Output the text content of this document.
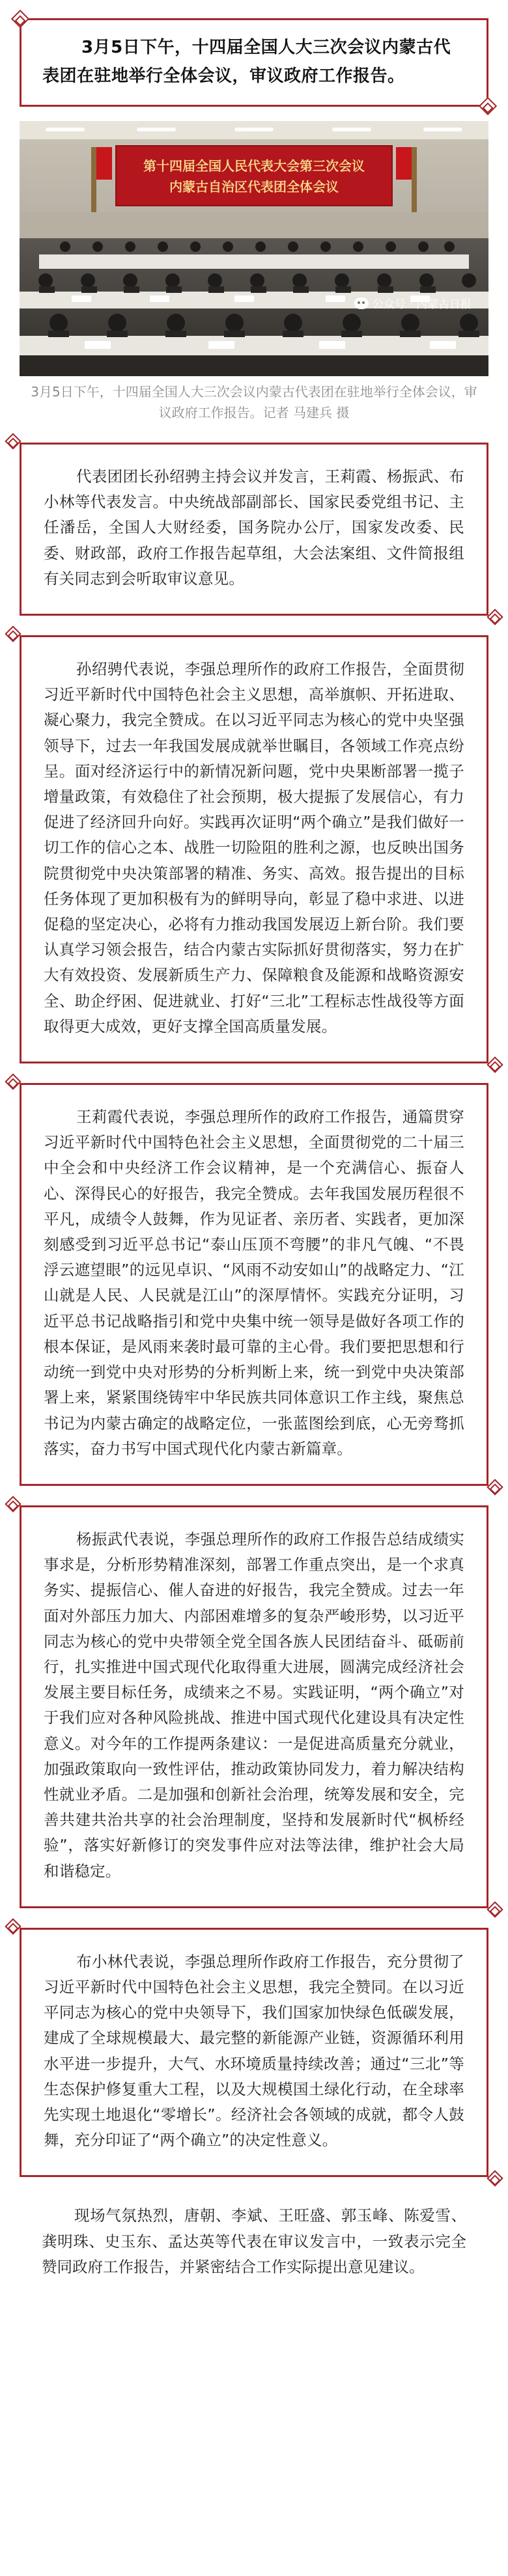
3月5日下午，十四届全国人大三次会议内蒙古代表团在驻地举行全体会议，审议政府工作报告。

第十四届全国人民代表大会第三次会议
内蒙古自治区代表团全体会议
公众号 · 内蒙古日报
3月5日下午，十四届全国人大三次会议内蒙古代表团在驻地举行全体会议，审议政府工作报告。记者 马建兵 摄

代表团团长孙绍骋主持会议并发言，王莉霞、杨振武、布小林等代表发言。中央统战部副部长、国家民委党组书记、主任潘岳，全国人大财经委，国务院办公厅，国家发改委、民委、财政部，政府工作报告起草组，大会法案组、文件简报组有关同志到会听取审议意见。

孙绍骋代表说，李强总理所作的政府工作报告，全面贯彻习近平新时代中国特色社会主义思想，高举旗帜、开拓进取、凝心聚力，我完全赞成。在以习近平同志为核心的党中央坚强领导下，过去一年我国发展成就举世瞩目，各领域工作亮点纷呈。面对经济运行中的新情况新问题，党中央果断部署一揽子增量政策，有效稳住了社会预期，极大提振了发展信心，有力促进了经济回升向好。实践再次证明“两个确立”是我们做好一切工作的信心之本、战胜一切险阻的胜利之源，也反映出国务院贯彻党中央决策部署的精准、务实、高效。报告提出的目标任务体现了更加积极有为的鲜明导向，彰显了稳中求进、以进促稳的坚定决心，必将有力推动我国发展迈上新台阶。我们要认真学习领会报告，结合内蒙古实际抓好贯彻落实，努力在扩大有效投资、发展新质生产力、保障粮食及能源和战略资源安全、助企纾困、促进就业、打好“三北”工程标志性战役等方面取得更大成效，更好支撑全国高质量发展。

王莉霞代表说，李强总理所作的政府工作报告，通篇贯穿习近平新时代中国特色社会主义思想，全面贯彻党的二十届三中全会和中央经济工作会议精神，是一个充满信心、振奋人心、深得民心的好报告，我完全赞成。去年我国发展历程很不平凡，成绩令人鼓舞，作为见证者、亲历者、实践者，更加深刻感受到习近平总书记“泰山压顶不弯腰”的非凡气魄、“不畏浮云遮望眼”的远见卓识、“风雨不动安如山”的战略定力、“江山就是人民、人民就是江山”的深厚情怀。实践充分证明，习近平总书记战略指引和党中央集中统一领导是做好各项工作的根本保证，是风雨来袭时最可靠的主心骨。我们要把思想和行动统一到党中央对形势的分析判断上来，统一到党中央决策部署上来，紧紧围绕铸牢中华民族共同体意识工作主线，聚焦总书记为内蒙古确定的战略定位，一张蓝图绘到底，心无旁骛抓落实，奋力书写中国式现代化内蒙古新篇章。

杨振武代表说，李强总理所作的政府工作报告总结成绩实事求是，分析形势精准深刻，部署工作重点突出，是一个求真务实、提振信心、催人奋进的好报告，我完全赞成。过去一年面对外部压力加大、内部困难增多的复杂严峻形势，以习近平同志为核心的党中央带领全党全国各族人民团结奋斗、砥砺前行，扎实推进中国式现代化取得重大进展，圆满完成经济社会发展主要目标任务，成绩来之不易。实践证明，“两个确立”对于我们应对各种风险挑战、推进中国式现代化建设具有决定性意义。对今年的工作提两条建议：一是促进高质量充分就业，加强政策取向一致性评估，推动政策协同发力，着力解决结构性就业矛盾。二是加强和创新社会治理，统筹发展和安全，完善共建共治共享的社会治理制度，坚持和发展新时代“枫桥经验”，落实好新修订的突发事件应对法等法律，维护社会大局和谐稳定。

布小林代表说，李强总理所作政府工作报告，充分贯彻了习近平新时代中国特色社会主义思想，我完全赞同。在以习近平同志为核心的党中央领导下，我们国家加快绿色低碳发展，建成了全球规模最大、最完整的新能源产业链，资源循环利用水平进一步提升，大气、水环境质量持续改善；通过“三北”等生态保护修复重大工程，以及大规模国土绿化行动，在全球率先实现土地退化“零增长”。经济社会各领域的成就，都令人鼓舞，充分印证了“两个确立”的决定性意义。

现场气氛热烈，唐朝、李斌、王旺盛、郭玉峰、陈爱雪、龚明珠、史玉东、孟达英等代表在审议发言中，一致表示完全赞同政府工作报告，并紧密结合工作实际提出意见建议。
